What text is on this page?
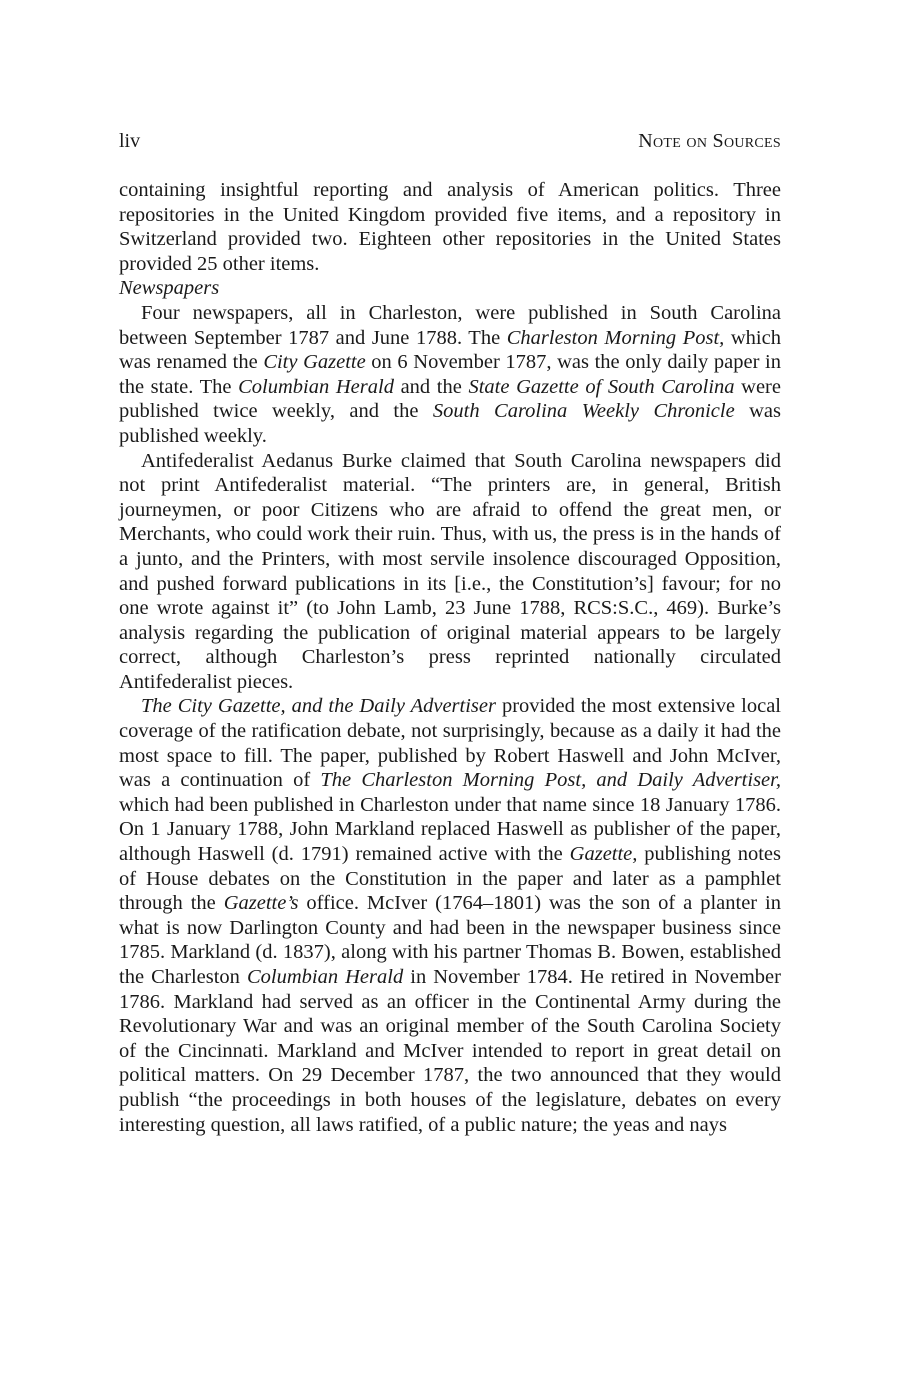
liv	Note on Sources

containing insightful reporting and analysis of American politics. Three repositories in the United Kingdom provided five items, and a repository in Switzerland provided two. Eighteen other repositories in the United States provided 25 other items.

Newspapers

Four newspapers, all in Charleston, were published in South Carolina between September 1787 and June 1788. The Charleston Morning Post, which was renamed the City Gazette on 6 November 1787, was the only daily paper in the state. The Columbian Herald and the State Gazette of South Carolina were published twice weekly, and the South Carolina Weekly Chronicle was published weekly.

Antifederalist Aedanus Burke claimed that South Carolina newspapers did not print Antifederalist material. “The printers are, in general, British journeymen, or poor Citizens who are afraid to offend the great men, or Merchants, who could work their ruin. Thus, with us, the press is in the hands of a junto, and the Printers, with most servile insolence discouraged Opposition, and pushed forward publications in its [i.e., the Constitution’s] favour; for no one wrote against it” (to John Lamb, 23 June 1788, RCS:S.C., 469). Burke’s analysis regarding the publication of original material appears to be largely correct, although Charleston’s press reprinted nationally circulated Antifederalist pieces.

The City Gazette, and the Daily Advertiser provided the most extensive local coverage of the ratification debate, not surprisingly, because as a daily it had the most space to fill. The paper, published by Robert Haswell and John McIver, was a continuation of The Charleston Morning Post, and Daily Advertiser, which had been published in Charleston under that name since 18 January 1786. On 1 January 1788, John Markland replaced Haswell as publisher of the paper, although Haswell (d. 1791) remained active with the Gazette, publishing notes of House debates on the Constitution in the paper and later as a pamphlet through the Gazette’s office. McIver (1764–1801) was the son of a planter in what is now Darlington County and had been in the newspaper business since 1785. Markland (d. 1837), along with his partner Thomas B. Bowen, established the Charleston Columbian Herald in November 1784. He retired in November 1786. Markland had served as an officer in the Continental Army during the Revolutionary War and was an original member of the South Carolina Society of the Cincinnati. Markland and McIver intended to report in great detail on political matters. On 29 December 1787, the two announced that they would publish “the proceedings in both houses of the legislature, debates on every interesting question, all laws ratified, of a public nature; the yeas and nays
